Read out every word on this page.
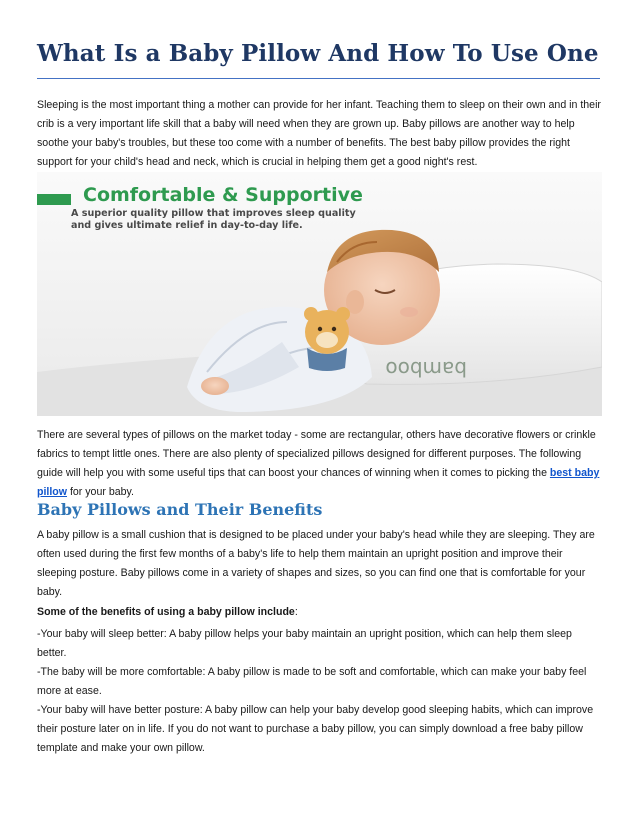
What Is a Baby Pillow And How To Use One

Sleeping is the most important thing a mother can provide for her infant. Teaching them to sleep on their own and in their crib is a very important life skill that a baby will need when they are grown up. Baby pillows are another way to help soothe your baby's troubles, but these too come with a number of benefits. The best baby pillow provides the right support for your child's head and neck, which is crucial in helping them get a good night's rest.

Comfortable & Supportive

A superior quality pillow that improves sleep quality and gives ultimate relief in day-to-day life.

bamboo

There are several types of pillows on the market today - some are rectangular, others have decorative flowers or crinkle fabrics to tempt little ones. There are also plenty of specialized pillows designed for different purposes. The following guide will help you with some useful tips that can boost your chances of winning when it comes to picking the best baby pillow for your baby.

Baby Pillows and Their Benefits

A baby pillow is a small cushion that is designed to be placed under your baby's head while they are sleeping. They are often used during the first few months of a baby's life to help them maintain an upright position and improve their sleeping posture. Baby pillows come in a variety of shapes and sizes, so you can find one that is comfortable for your baby.

Some of the benefits of using a baby pillow include:

-Your baby will sleep better: A baby pillow helps your baby maintain an upright position, which can help them sleep better.
-The baby will be more comfortable: A baby pillow is made to be soft and comfortable, which can make your baby feel more at ease.
-Your baby will have better posture: A baby pillow can help your baby develop good sleeping habits, which can improve their posture later on in life. If you do not want to purchase a baby pillow, you can simply download a free baby pillow template and make your own pillow.
